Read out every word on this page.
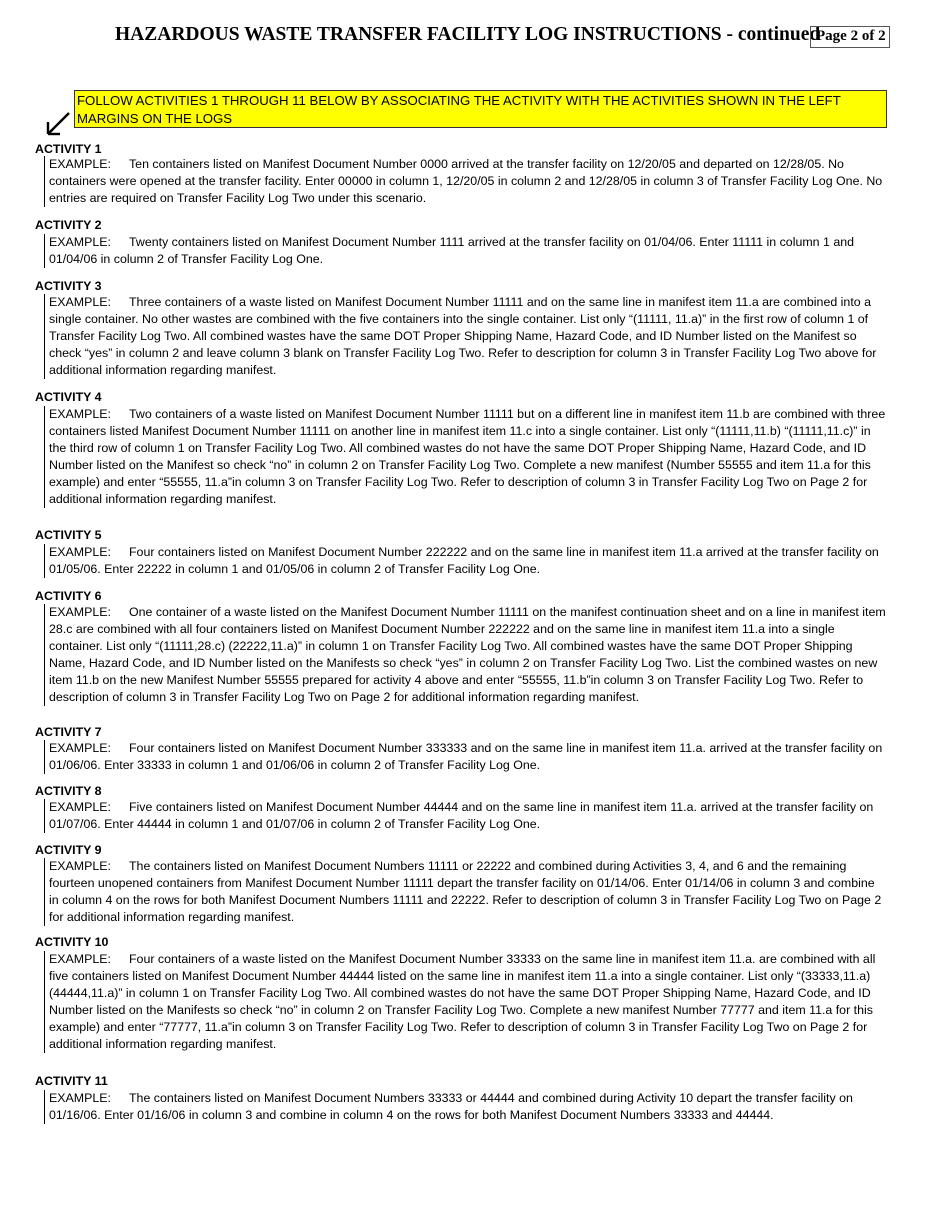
HAZARDOUS WASTE TRANSFER FACILITY LOG INSTRUCTIONS - continued
Page 2 of 2
FOLLOW ACTIVITIES 1 THROUGH 11 BELOW BY ASSOCIATING THE ACTIVITY WITH THE ACTIVITIES SHOWN IN THE LEFT MARGINS ON THE LOGS
ACTIVITY 1
EXAMPLE: Ten containers listed on Manifest Document Number 0000 arrived at the transfer facility on 12/20/05 and departed on 12/28/05. No containers were opened at the transfer facility. Enter 00000 in column 1, 12/20/05 in column 2 and 12/28/05 in column 3 of Transfer Facility Log One. No entries are required on Transfer Facility Log Two under this scenario.
ACTIVITY 2
EXAMPLE: Twenty containers listed on Manifest Document Number 1111 arrived at the transfer facility on 01/04/06. Enter 11111 in column 1 and 01/04/06 in column 2 of Transfer Facility Log One.
ACTIVITY 3
EXAMPLE: Three containers of a waste listed on Manifest Document Number 11111 and on the same line in manifest item 11.a are combined into a single container. No other wastes are combined with the five containers into the single container. List only “(11111, 11.a)” in the first row of column 1 of Transfer Facility Log Two. All combined wastes have the same DOT Proper Shipping Name, Hazard Code, and ID Number listed on the Manifest so check “yes” in column 2 and leave column 3 blank on Transfer Facility Log Two. Refer to description for column 3 in Transfer Facility Log Two above for additional information regarding manifest.
ACTIVITY 4
EXAMPLE: Two containers of a waste listed on Manifest Document Number 11111 but on a different line in manifest item 11.b are combined with three containers listed Manifest Document Number 11111 on another line in manifest item 11.c into a single container. List only “(11111,11.b) “(11111,11.c)” in the third row of column 1 on Transfer Facility Log Two. All combined wastes do not have the same DOT Proper Shipping Name, Hazard Code, and ID Number listed on the Manifest so check “no” in column 2 on Transfer Facility Log Two. Complete a new manifest (Number 55555 and item 11.a for this example) and enter “55555, 11.a”in column 3 on Transfer Facility Log Two. Refer to description of column 3 in Transfer Facility Log Two on Page 2 for additional information regarding manifest.
ACTIVITY 5
EXAMPLE: Four containers listed on Manifest Document Number 222222 and on the same line in manifest item 11.a arrived at the transfer facility on 01/05/06. Enter 22222 in column 1 and 01/05/06 in column 2 of Transfer Facility Log One.
ACTIVITY 6
EXAMPLE: One container of a waste listed on the Manifest Document Number 11111 on the manifest continuation sheet and on a line in manifest item 28.c are combined with all four containers listed on Manifest Document Number 222222 and on the same line in manifest item 11.a into a single container. List only “(11111,28.c) (22222,11.a)” in column 1 on Transfer Facility Log Two. All combined wastes have the same DOT Proper Shipping Name, Hazard Code, and ID Number listed on the Manifests so check “yes” in column 2 on Transfer Facility Log Two. List the combined wastes on new item 11.b on the new Manifest Number 55555 prepared for activity 4 above and enter “55555, 11.b”in column 3 on Transfer Facility Log Two. Refer to description of column 3 in Transfer Facility Log Two on Page 2 for additional information regarding manifest.
ACTIVITY 7
EXAMPLE: Four containers listed on Manifest Document Number 333333 and on the same line in manifest item 11.a. arrived at the transfer facility on 01/06/06. Enter 33333 in column 1 and 01/06/06 in column 2 of Transfer Facility Log One.
ACTIVITY 8
EXAMPLE: Five containers listed on Manifest Document Number 44444 and on the same line in manifest item 11.a. arrived at the transfer facility on 01/07/06. Enter 44444 in column 1 and 01/07/06 in column 2 of Transfer Facility Log One.
ACTIVITY 9
EXAMPLE: The containers listed on Manifest Document Numbers 11111 or 22222 and combined during Activities 3, 4, and 6 and the remaining fourteen unopened containers from Manifest Document Number 11111 depart the transfer facility on 01/14/06. Enter 01/14/06 in column 3 and combine in column 4 on the rows for both Manifest Document Numbers 11111 and 22222. Refer to description of column 3 in Transfer Facility Log Two on Page 2 for additional information regarding manifest.
ACTIVITY 10
EXAMPLE: Four containers of a waste listed on the Manifest Document Number 33333 on the same line in manifest item 11.a. are combined with all five containers listed on Manifest Document Number 44444 listed on the same line in manifest item 11.a into a single container. List only “(33333,11.a) (44444,11.a)” in column 1 on Transfer Facility Log Two. All combined wastes do not have the same DOT Proper Shipping Name, Hazard Code, and ID Number listed on the Manifests so check “no” in column 2 on Transfer Facility Log Two. Complete a new manifest Number 77777 and item 11.a for this example) and enter “77777, 11.a”in column 3 on Transfer Facility Log Two. Refer to description of column 3 in Transfer Facility Log Two on Page 2 for additional information regarding manifest.
ACTIVITY 11
EXAMPLE: The containers listed on Manifest Document Numbers 33333 or 44444 and combined during Activity 10 depart the transfer facility on 01/16/06. Enter 01/16/06 in column 3 and combine in column 4 on the rows for both Manifest Document Numbers 33333 and 44444.
